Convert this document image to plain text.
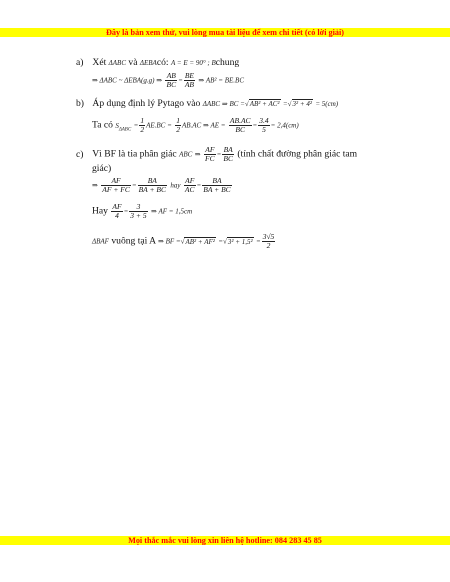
Đây là bản xem thử, vui lòng mua tài liệu để xem chi tiết (có lời giải)
a) Xét ΔABC và ΔEBAcó: A = E = 90° ; Bchung
⇒ ΔABC ~ ΔEBA(g.g) ⇒ $\frac{AB}{BC} = \frac{BE}{AB}$ ⇒ AB² = BE.BC
b) Áp dụng định lý Pytago vào ΔABC ⇒ BC =√AB² + AC² =√3² + 4² = 5(cm)
Ta có $S_{\Delta ABC} = \frac{1}{2} AE.BC = \frac{1}{2} AB.AC$ ⇒ AE = $\frac{AB.AC}{BC} = \frac{3.4}{5} = 2,4(cm)$
c) Vì BF là tia phân giác ABC ⇒ $\frac{AF}{FC} = \frac{BA}{BC}$ (tính chất đường phân giác tam
giác)
⇒ $\frac{AF}{AF + FC} = \frac{BA}{BA + BC}$ hay $\frac{AF}{AC} = \frac{BA}{BA + BC}$
Hay $\frac{AF}{4} = \frac{3}{3 + 5}$ ⇒ AF = 1,5cm
ΔBAF vuông tại A ⇒ BF $=√AB^2 + AF^2 =√3^2 + 1,5^2 = \frac{3√5}{2}$
Mọi thắc mắc vui lòng xin liên hệ hotline: 084 283 45 85
